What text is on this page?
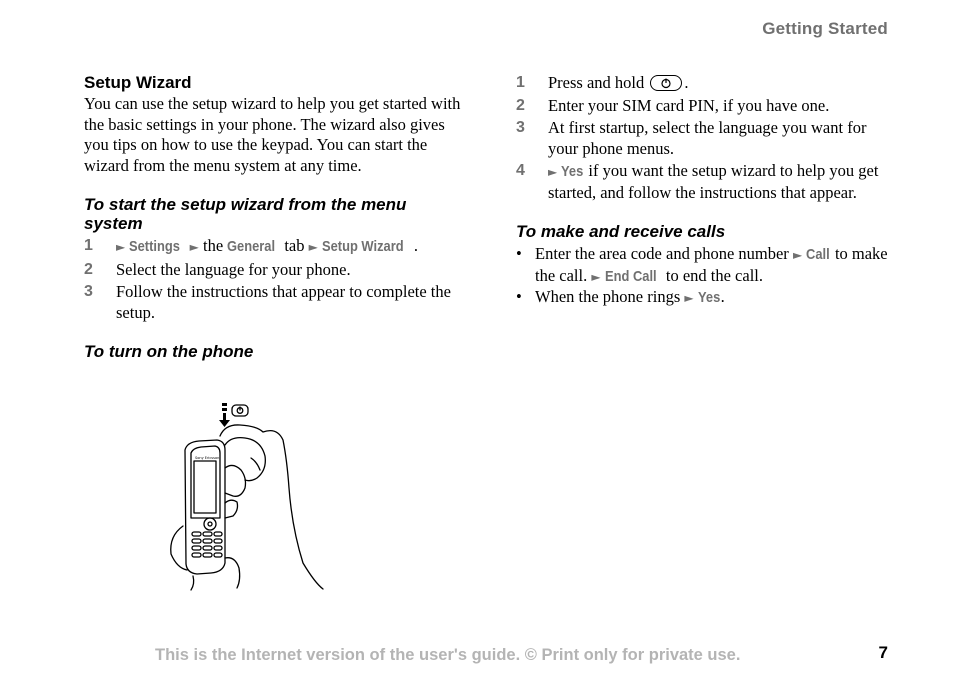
Getting Started
Setup Wizard

You can use the setup wizard to help you get started with the basic settings in your phone. The wizard also gives you tips on how to use the keypad. You can start the wizard from the menu system at any time.

To start the setup wizard from the menu system
1 ► Settings ► the General tab ► Setup Wizard .
2 Select the language for your phone.
3 Follow the instructions that appear to complete the setup.
To turn on the phone
Sony Ericsson
1 Press and hold
.
2 Enter your SIM card PIN, if you have one.
3 At first startup, select the language you want for your phone menus.
4 ► Yes if you want the setup wizard to help you get started, and follow the instructions that appear.
To make and receive calls
• Enter the area code and phone number ► Call to make the call. ► End Call to end the call.
• When the phone rings ► Yes.
This is the Internet version of the user's guide. © Print only for private use.	7
